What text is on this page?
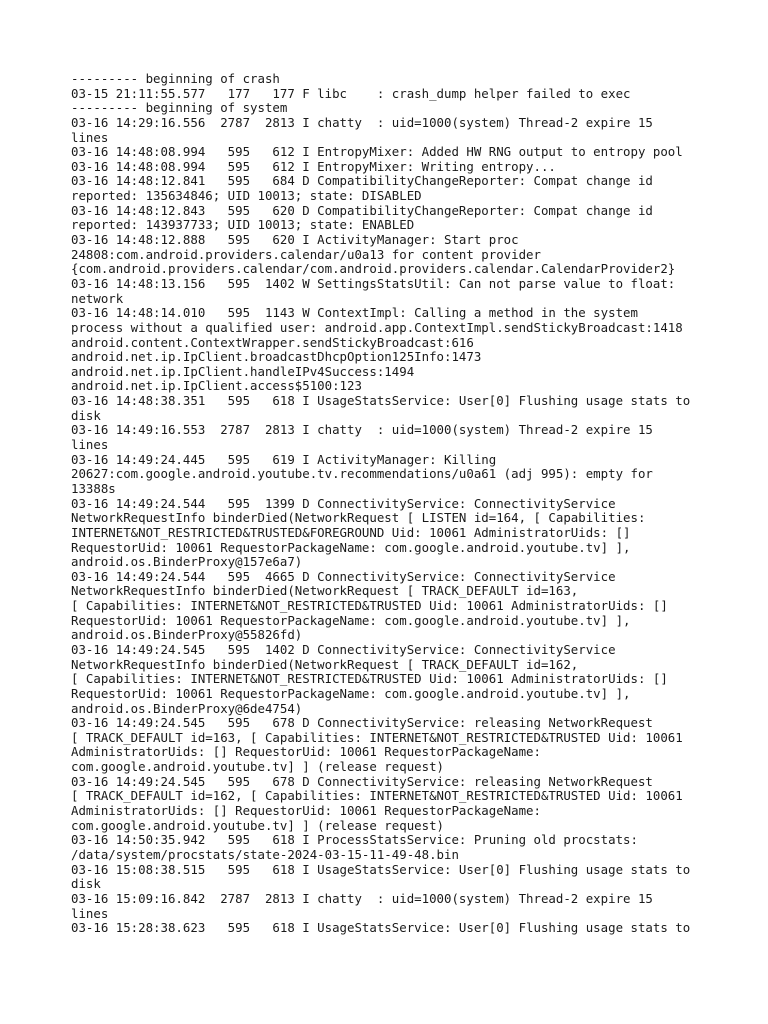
--------- beginning of crash
03-15 21:11:55.577   177   177 F libc    : crash_dump helper failed to exec
--------- beginning of system
03-16 14:29:16.556  2787  2813 I chatty  : uid=1000(system) Thread-2 expire 15
lines
03-16 14:48:08.994   595   612 I EntropyMixer: Added HW RNG output to entropy pool
03-16 14:48:08.994   595   612 I EntropyMixer: Writing entropy...
03-16 14:48:12.841   595   684 D CompatibilityChangeReporter: Compat change id
reported: 135634846; UID 10013; state: DISABLED
03-16 14:48:12.843   595   620 D CompatibilityChangeReporter: Compat change id
reported: 143937733; UID 10013; state: ENABLED
03-16 14:48:12.888   595   620 I ActivityManager: Start proc
24808:com.android.providers.calendar/u0a13 for content provider
{com.android.providers.calendar/com.android.providers.calendar.CalendarProvider2}
03-16 14:48:13.156   595  1402 W SettingsStatsUtil: Can not parse value to float:
network
03-16 14:48:14.010   595  1143 W ContextImpl: Calling a method in the system
process without a qualified user: android.app.ContextImpl.sendStickyBroadcast:1418
android.content.ContextWrapper.sendStickyBroadcast:616
android.net.ip.IpClient.broadcastDhcpOption125Info:1473
android.net.ip.IpClient.handleIPv4Success:1494
android.net.ip.IpClient.access$5100:123
03-16 14:48:38.351   595   618 I UsageStatsService: User[0] Flushing usage stats to
disk
03-16 14:49:16.553  2787  2813 I chatty  : uid=1000(system) Thread-2 expire 15
lines
03-16 14:49:24.445   595   619 I ActivityManager: Killing
20627:com.google.android.youtube.tv.recommendations/u0a61 (adj 995): empty for
13388s
03-16 14:49:24.544   595  1399 D ConnectivityService: ConnectivityService
NetworkRequestInfo binderDied(NetworkRequest [ LISTEN id=164, [ Capabilities:
INTERNET&NOT_RESTRICTED&TRUSTED&FOREGROUND Uid: 10061 AdministratorUids: []
RequestorUid: 10061 RequestorPackageName: com.google.android.youtube.tv] ],
android.os.BinderProxy@157e6a7)
03-16 14:49:24.544   595  4665 D ConnectivityService: ConnectivityService
NetworkRequestInfo binderDied(NetworkRequest [ TRACK_DEFAULT id=163,
[ Capabilities: INTERNET&NOT_RESTRICTED&TRUSTED Uid: 10061 AdministratorUids: []
RequestorUid: 10061 RequestorPackageName: com.google.android.youtube.tv] ],
android.os.BinderProxy@55826fd)
03-16 14:49:24.545   595  1402 D ConnectivityService: ConnectivityService
NetworkRequestInfo binderDied(NetworkRequest [ TRACK_DEFAULT id=162,
[ Capabilities: INTERNET&NOT_RESTRICTED&TRUSTED Uid: 10061 AdministratorUids: []
RequestorUid: 10061 RequestorPackageName: com.google.android.youtube.tv] ],
android.os.BinderProxy@6de4754)
03-16 14:49:24.545   595   678 D ConnectivityService: releasing NetworkRequest
[ TRACK_DEFAULT id=163, [ Capabilities: INTERNET&NOT_RESTRICTED&TRUSTED Uid: 10061
AdministratorUids: [] RequestorUid: 10061 RequestorPackageName:
com.google.android.youtube.tv] ] (release request)
03-16 14:49:24.545   595   678 D ConnectivityService: releasing NetworkRequest
[ TRACK_DEFAULT id=162, [ Capabilities: INTERNET&NOT_RESTRICTED&TRUSTED Uid: 10061
AdministratorUids: [] RequestorUid: 10061 RequestorPackageName:
com.google.android.youtube.tv] ] (release request)
03-16 14:50:35.942   595   618 I ProcessStatsService: Pruning old procstats:
/data/system/procstats/state-2024-03-15-11-49-48.bin
03-16 15:08:38.515   595   618 I UsageStatsService: User[0] Flushing usage stats to
disk
03-16 15:09:16.842  2787  2813 I chatty  : uid=1000(system) Thread-2 expire 15
lines
03-16 15:28:38.623   595   618 I UsageStatsService: User[0] Flushing usage stats to
